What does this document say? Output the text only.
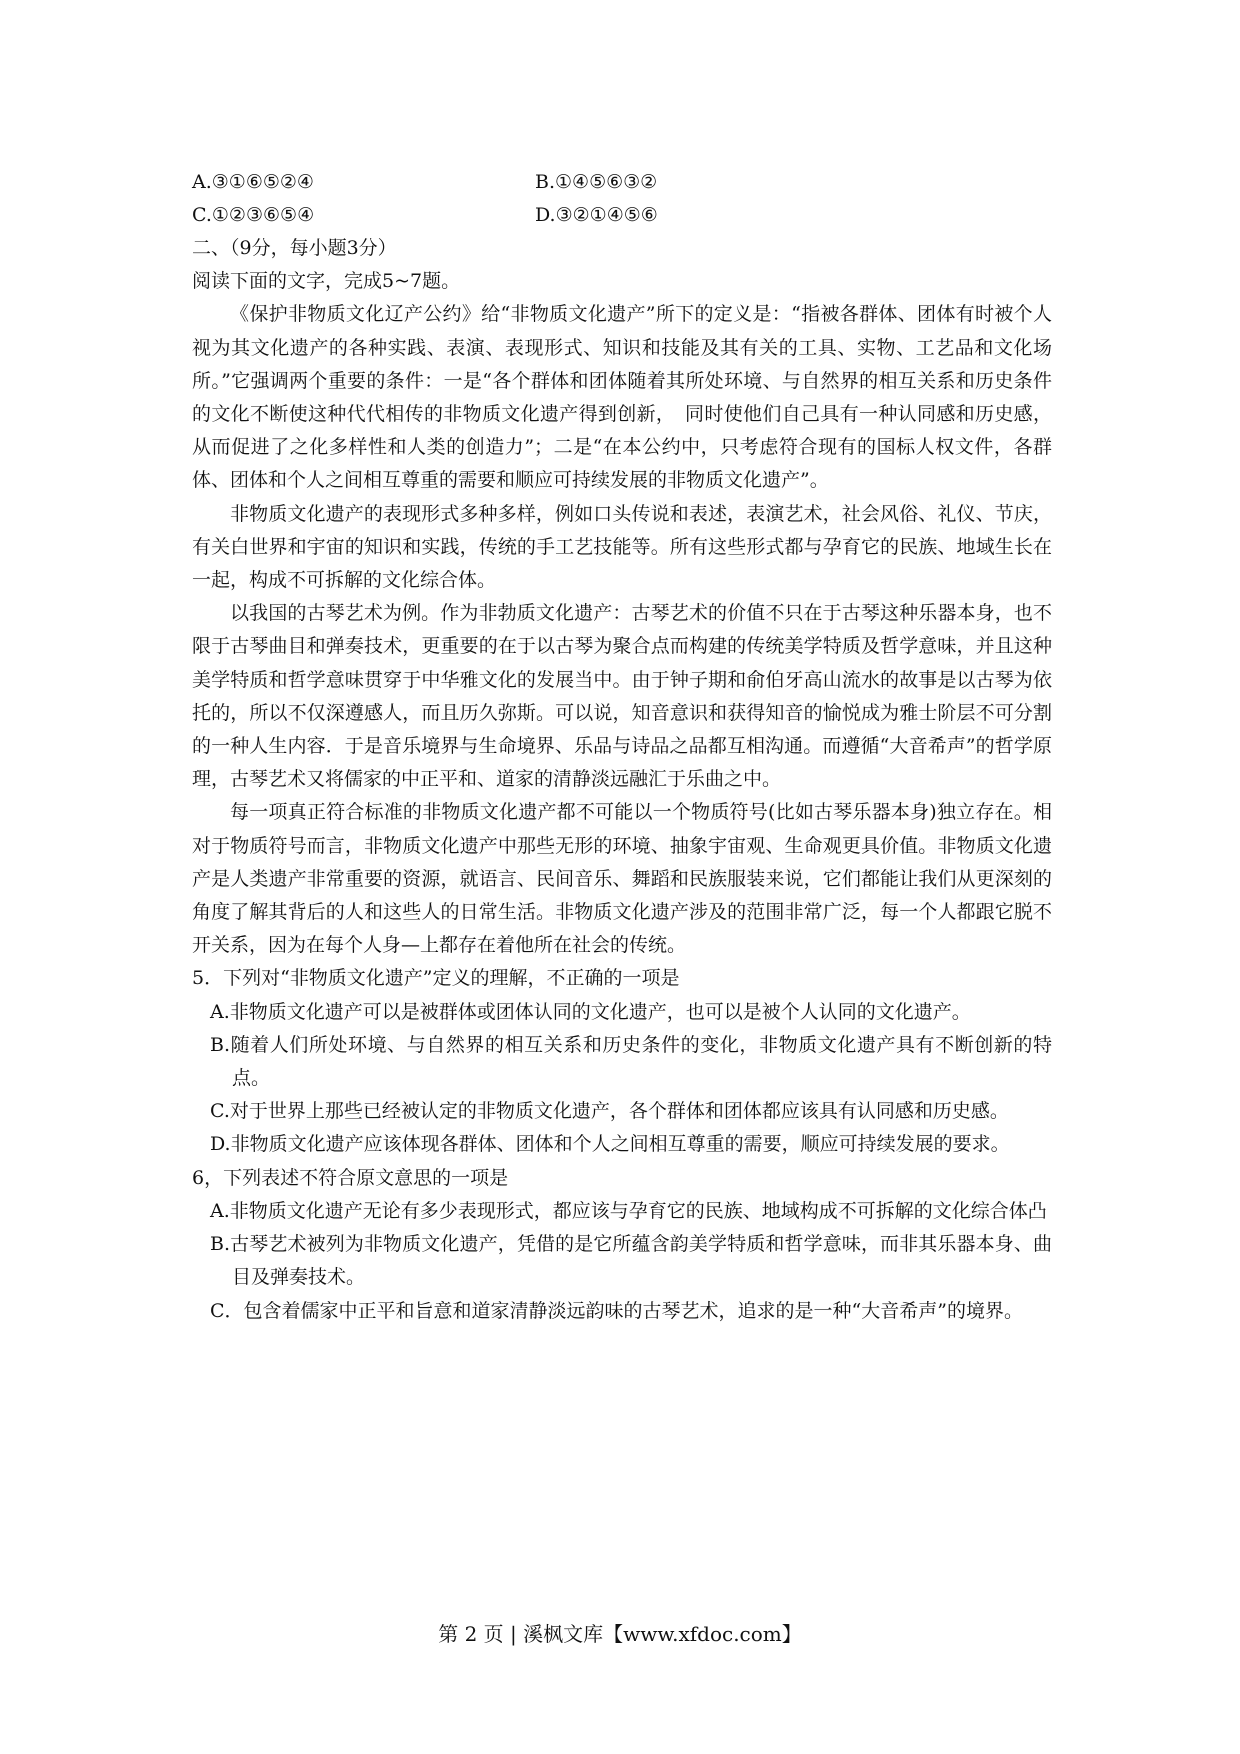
A.③①⑥⑤②④	B.①④⑤⑥③②
C.①②③⑥⑤④	D.③②①④⑤⑥

二、（9分，每小题3分）

阅读下面的文字，完成5~7题。

《保护非物质文化辽产公约》给“非物质文化遗产”所下的定义是：“指被各群体、团体有时被个人视为其文化遗产的各种实践、表演、表现形式、知识和技能及其有关的工具、实物、工艺品和文化场所。”它强调两个重要的条件：一是“各个群体和团体随着其所处环境、与自然界的相互关系和历史条件的文化不断使这种代代相传的非物质文化遗产得到创新，　同时使他们自己具有一种认同感和历史感，从而促进了之化多样性和人类的创造力”；二是“在本公约中，只考虑符合现有的国标人权文件，各群体、团体和个人之间相互尊重的需要和顺应可持续发展的非物质文化遗产”。

非物质文化遗产的表现形式多种多样，例如口头传说和表述，表演艺术，社会风俗、礼仪、节庆，有关白世界和宇宙的知识和实践，传统的手工艺技能等。所有这些形式都与孕育它的民族、地域生长在一起，构成不可拆解的文化综合体。

以我国的古琴艺术为例。作为非勃质文化遗产：古琴艺术的价值不只在于古琴这种乐器本身，也不限于古琴曲目和弹奏技术，更重要的在于以古琴为聚合点而构建的传统美学特质及哲学意味，并且这种美学特质和哲学意味贯穿于中华雅文化的发展当中。由于钟子期和俞伯牙高山流水的故事是以古琴为依托的，所以不仅深遵感人，而且历久弥斯。可以说，知音意识和获得知音的愉悦成为雅士阶层不可分割的一种人生内容．于是音乐境界与生命境界、乐品与诗品之品都互相沟通。而遵循“大音希声”的哲学原理，古琴艺术又将儒家的中正平和、道家的清静淡远融汇于乐曲之中。

每一项真正符合标准的非物质文化遗产都不可能以一个物质符号(比如古琴乐器本身)独立存在。相对于物质符号而言，非物质文化遗产中那些无形的环境、抽象宇宙观、生命观更具价值。非物质文化遗产是人类遗产非常重要的资源，就语言、民间音乐、舞蹈和民族服装来说，它们都能让我们从更深刻的角度了解其背后的人和这些人的日常生活。非物质文化遗产涉及的范围非常广泛，每一个人都跟它脱不开关系，因为在每个人身—上都存在着他所在社会的传统。

5．下列对“非物质文化遗产”定义的理解，不正确的一项是

A.非物质文化遗产可以是被群体或团体认同的文化遗产，也可以是被个人认同的文化遗产。

B.随着人们所处环境、与自然界的相互关系和历史条件的变化，非物质文化遗产具有不断创新的特点。

C.对于世界上那些已经被认定的非物质文化遗产，各个群体和团体都应该具有认同感和历史感。

D.非物质文化遗产应该体现各群体、团体和个人之间相互尊重的需要，顺应可持续发展的要求。

6，下列表述不符合原文意思的一项是

A.非物质文化遗产无论有多少表现形式，都应该与孕育它的民族、地域构成不可拆解的文化综合体凸

B.古琴艺术被列为非物质文化遗产，凭借的是它所蕴含韵美学特质和哲学意味，而非其乐器本身、曲目及弹奏技术。

C．包含着儒家中正平和旨意和道家清静淡远韵味的古琴艺术，追求的是一种“大音希声”的境界。

第 2 页 | 溪枫文库【www.xfdoc.com】
